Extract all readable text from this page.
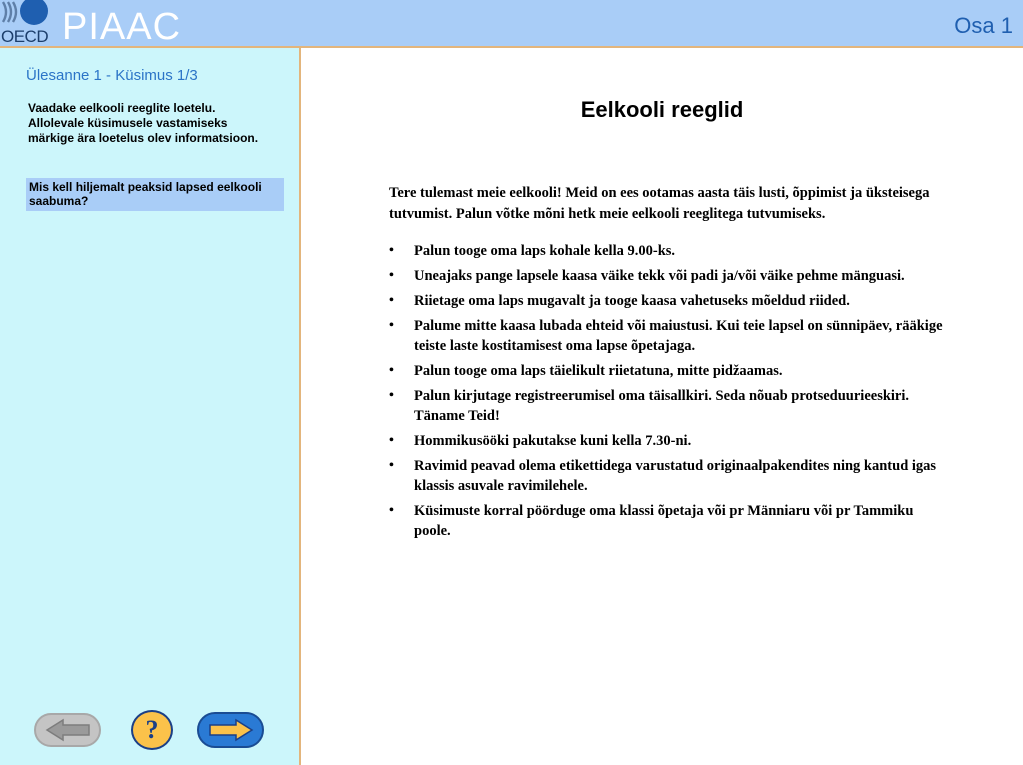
OECD PIAAC	Osa 1
Ülesanne 1 - Küsimus 1/3
Vaadake eelkooli reeglite loetelu. Allolevale küsimusele vastamiseks märkige ära loetelus olev informatsioon.
Mis kell hiljemalt peaksid lapsed eelkooli saabuma?
?
Eelkooli reeglid
Tere tulemast meie eelkooli! Meid on ees ootamas aasta täis lusti, õppimist ja üksteisega tutvumist. Palun võtke mõni hetk meie eelkooli reeglitega tutvumiseks.
• Palun tooge oma laps kohale kella 9.00-ks.
• Uneajaks pange lapsele kaasa väike tekk või padi ja/või väike pehme mänguasi.
• Riietage oma laps mugavalt ja tooge kaasa vahetuseks mõeldud riided.
• Palume mitte kaasa lubada ehteid või maiustusi. Kui teie lapsel on sünnipäev, rääkige teiste laste kostitamisest oma lapse õpetajaga.
• Palun tooge oma laps täielikult riietatuna, mitte pidžaamas.
• Palun kirjutage registreerumisel oma täisallkiri. Seda nõuab protseduurieeskiri. Täname Teid!
• Hommikusööki pakutakse kuni kella 7.30-ni.
• Ravimid peavad olema etikettidega varustatud originaalpakendites ning kantud igas klassis asuvale ravimilehele.
• Küsimuste korral pöörduge oma klassi õpetaja või pr Männiaru või pr Tammiku poole.
